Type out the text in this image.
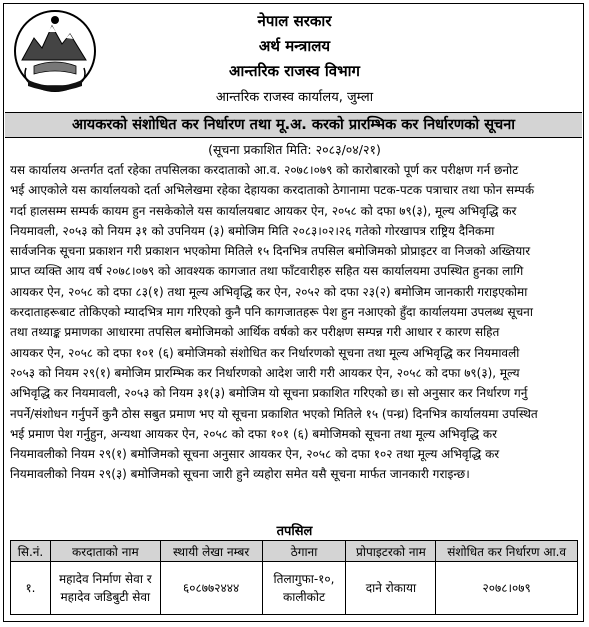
नेपाल सरकार
अर्थ मन्त्रालय
आन्तरिक राजस्व विभाग
आन्तरिक राजस्व कार्यालय, जुम्ला
आयकरको संशोधित कर निर्धारण तथा मू.अ. करको प्रारम्भिक कर निर्धारणको सूचना
(सूचना प्रकाशित मिति: २०८३/०४/२१)
यस कार्यालय अन्तर्गत दर्ता रहेका तपसिलका करदाताको आ.व. २०७८।०७९ को कारोबारको पूर्ण कर परीक्षण गर्न छनोट
भई आएकोले यस कार्यालयको दर्ता अभिलेखमा रहेका देहायका करदाताको ठेगानामा पटक-पटक पत्राचार तथा फोन सम्पर्क
गर्दा हालसम्म सम्पर्क कायम हुन नसकेकोले यस कार्यालयबाट आयकर ऐन, २०५८ को दफा ७९(३), मूल्य अभिवृद्धि कर
नियमावली, २०५३ को नियम ३१ को उपनियम (३) बमोजिम मिति २०८३।०२।२६ गतेको गोरखापत्र राष्ट्रिय दैनिकमा
सार्वजनिक सूचना प्रकाशन गरी प्रकाशन भएकोमा मितिले १५ दिनभित्र तपसिल बमोजिमको प्रोप्राइटर वा निजको अख्तियार
प्राप्त व्यक्ति आय वर्ष २०७८।०७९ को आवश्यक कागजात तथा फाँटवारीहरु सहित यस कार्यालयमा उपस्थित हुनका लागि
आयकर ऐन, २०५८ को दफा ८३(१) तथा मूल्य अभिवृद्धि कर ऐन, २०५२ को दफा २३(२) बमोजिम जानकारी गराइएकोमा
करदाताहरूबाट तोकिएको म्यादभित्र माग गरिएको कुनै पनि कागजातहरू पेश हुन नआएको हुँदा कार्यालयमा उपलब्ध सूचना
तथा तथ्याङ्क प्रमाणका आधारमा तपसिल बमोजिमको आर्थिक वर्षको कर परीक्षण सम्पन्न गरी आधार र कारण सहित
आयकर ऐन, २०५८ को दफा १०१ (६) बमोजिमको संशोधित कर निर्धारणको सूचना तथा मूल्य अभिवृद्धि कर नियमावली
२०५३ को नियम २९(१) बमोजिम प्रारम्भिक कर निर्धारणको आदेश जारी गरी आयकर ऐन, २०५८ को दफा ७९(३), मूल्य
अभिवृद्धि कर नियमावली, २०५३ को नियम ३१(३) बमोजिम यो सूचना प्रकाशित गरिएको छ। सो अनुसार कर निर्धारण गर्नु
नपर्ने/संशोधन गर्नुपर्ने कुनै ठोस सबुत प्रमाण भए यो सूचना प्रकाशित भएको मितिले १५ (पन्ध्र) दिनभित्र कार्यालयमा उपस्थित
भई प्रमाण पेश गर्नुहुन, अन्यथा आयकर ऐन, २०५८ को दफा १०१ (६) बमोजिमको सूचना तथा मूल्य अभिवृद्धि कर
नियमावलीको नियम २९(१) बमोजिमको सूचना अनुसार आयकर ऐन, २०५८ को दफा १०२ तथा मूल्य अभिवृद्धि कर
नियमावलीको नियम २९(३) बमोजिमको सूचना जारी हुने व्यहोरा समेत यसै सूचना मार्फत जानकारी गराइन्छ।
तपसिल
सि.नं.	करदाताको नाम	स्थायी लेखा नम्बर	ठेगाना	प्रोपाइटरको नाम	संशोधित कर निर्धारण आ.व
१.	महादेव निर्माण सेवा र
महादेव जडिबुटी सेवा	६०८७७२४४४	तिलागुफा-१०,
कालीकोट	दाने रोकाया	२०७८।०७९
